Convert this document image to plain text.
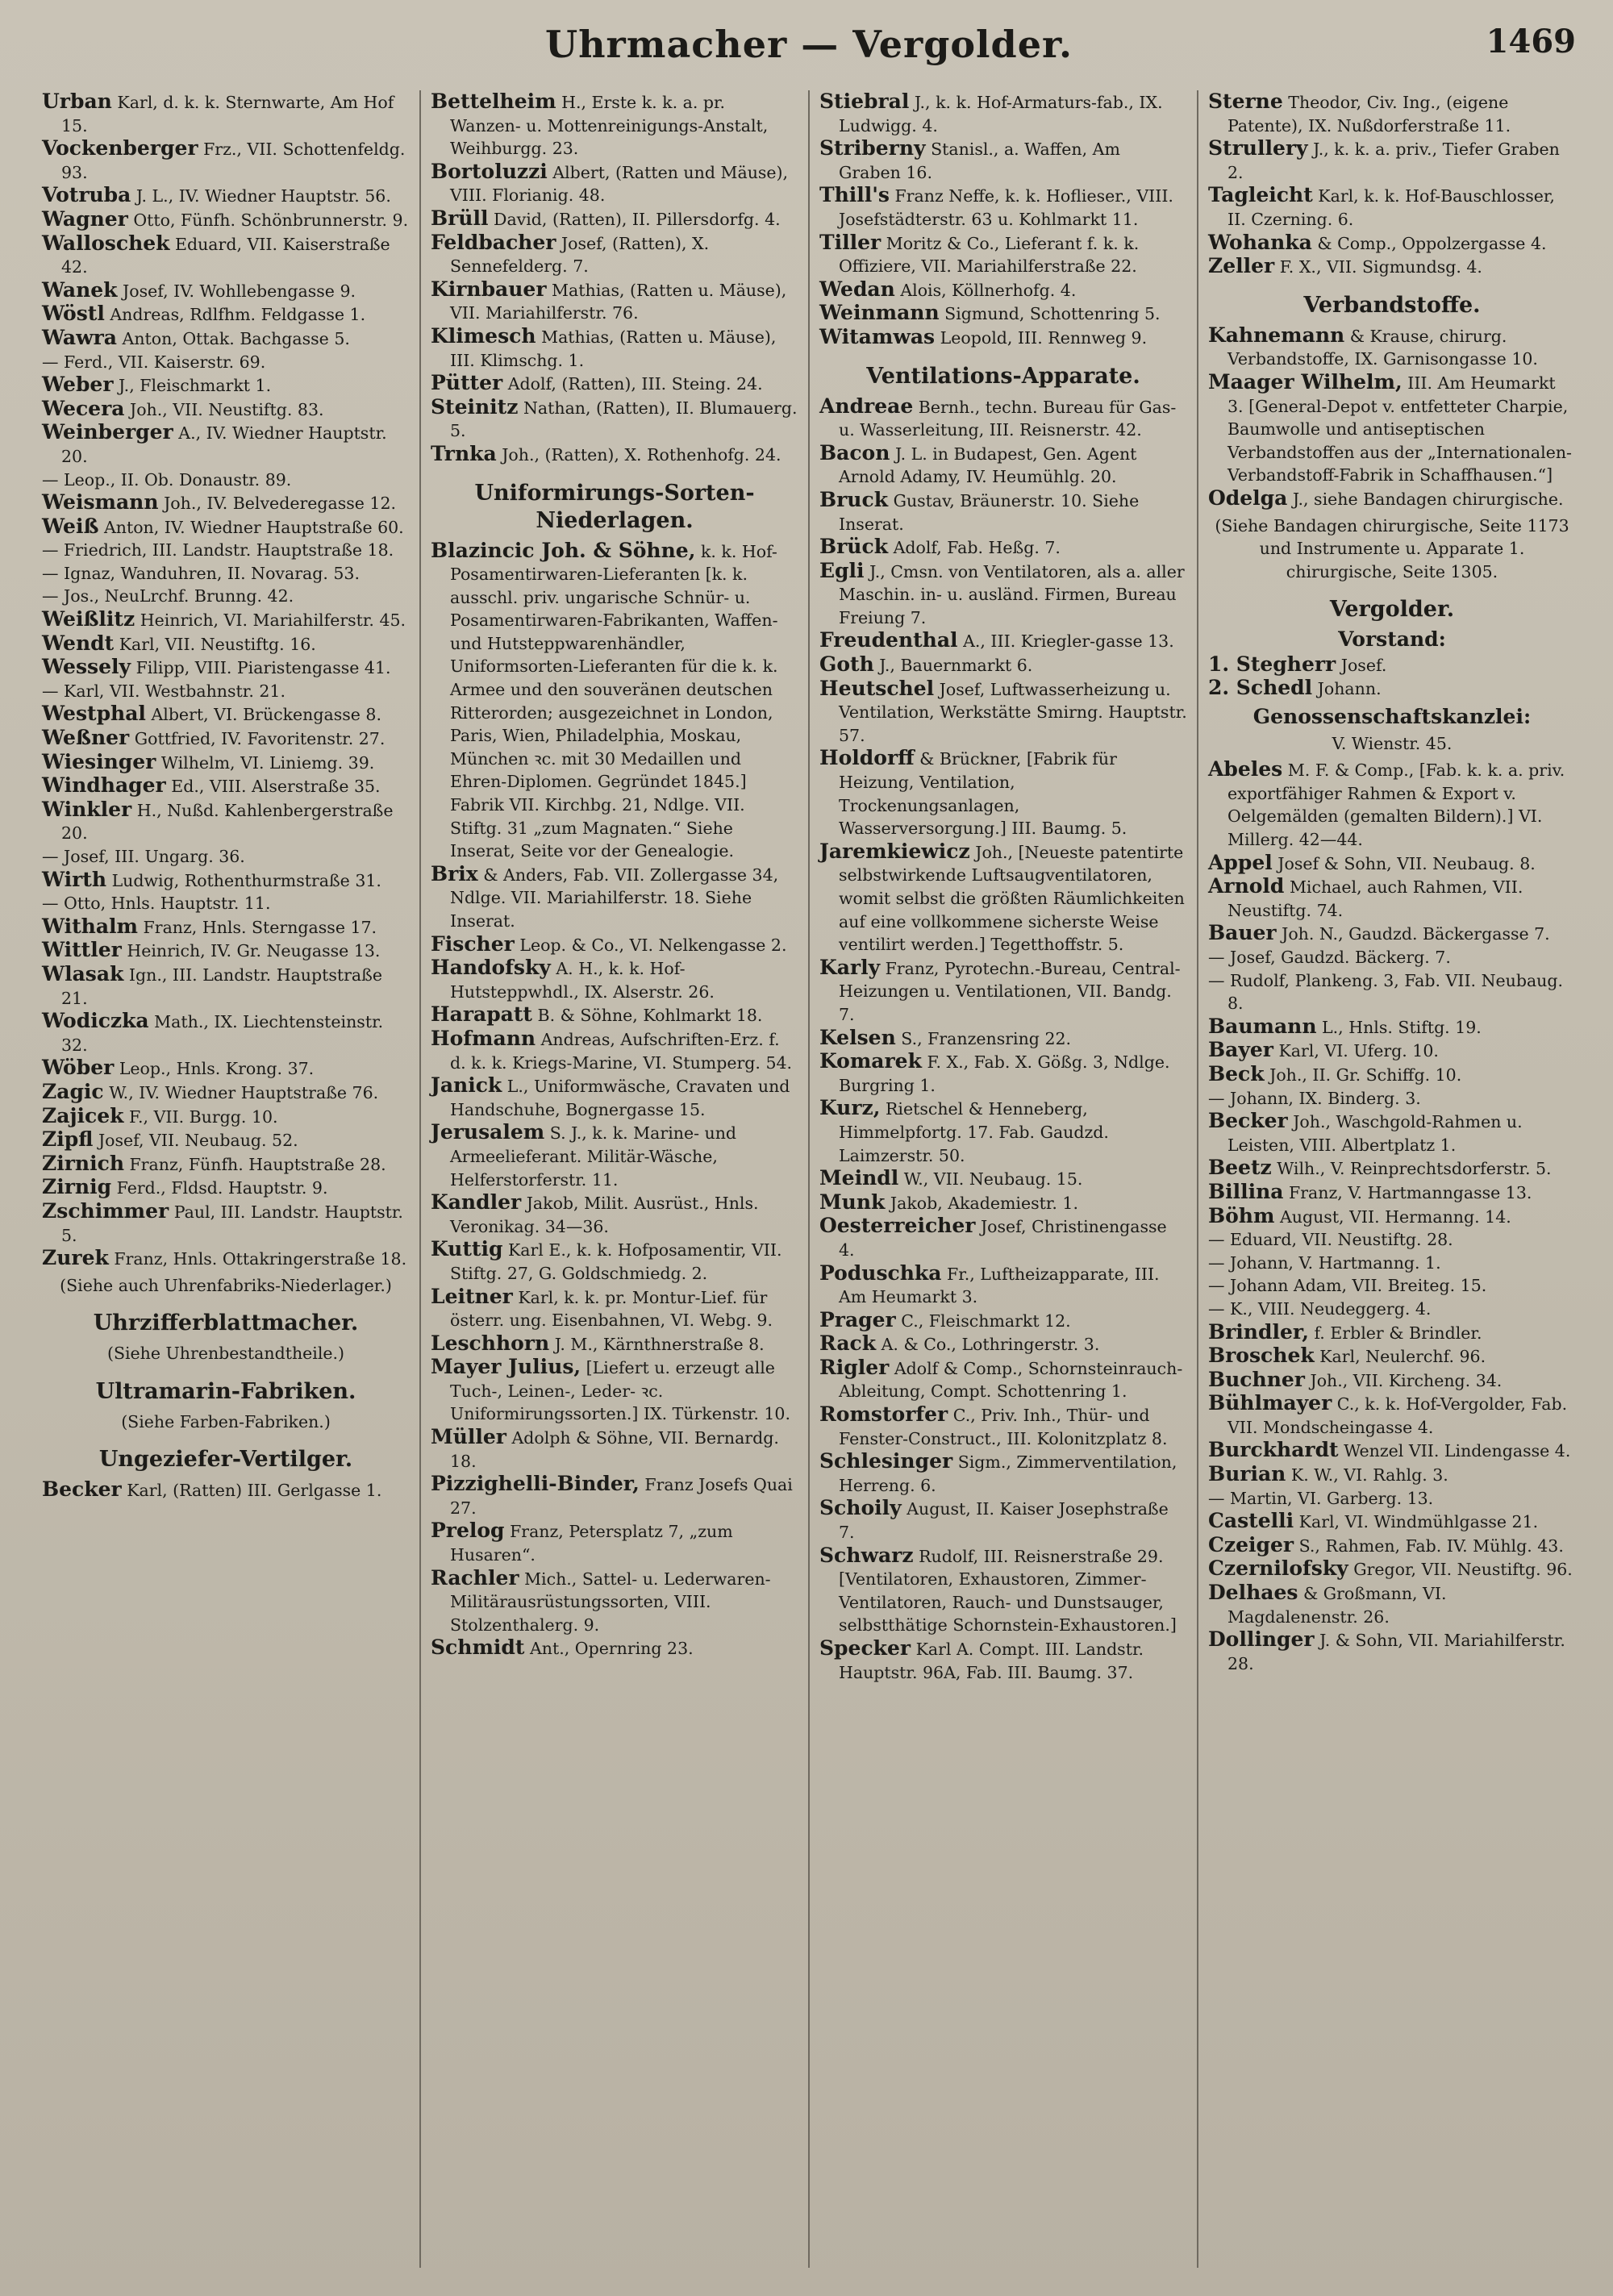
Uhrmacher — Vergolder.	1469

Urban Karl, d. k. k. Sternwarte, Am Hof 15.

Vockenberger Frz., VII. Schottenfeldg. 93.

Votruba J. L., IV. Wiedner Hauptstr. 56.

Wagner Otto, Fünfh. Schönbrunnerstr. 9.

Walloschek Eduard, VII. Kaiserstraße 42.

Wanek Josef, IV. Wohllebengasse 9.

Wöstl Andreas, Rdlfhm. Feldgasse 1.

Wawra Anton, Ottak. Bachgasse 5.

— Ferd., VII. Kaiserstr. 69.

Weber J., Fleischmarkt 1.

Wecera Joh., VII. Neustiftg. 83.

Weinberger A., IV. Wiedner Hauptstr. 20.

— Leop., II. Ob. Donaustr. 89.

Weismann Joh., IV. Belvederegasse 12.

Weiß Anton, IV. Wiedner Hauptstraße 60.

— Friedrich, III. Landstr. Hauptstraße 18.

— Ignaz, Wanduhren, II. Novarag. 53.

— Jos., NeuLrchf. Brunng. 42.

Weißlitz Heinrich, VI. Mariahilferstr. 45.

Wendt Karl, VII. Neustiftg. 16.

Wessely Filipp, VIII. Piaristengasse 41.

— Karl, VII. Westbahnstr. 21.

Westphal Albert, VI. Brückengasse 8.

Weßner Gottfried, IV. Favoritenstr. 27.

Wiesinger Wilhelm, VI. Liniemg. 39.

Windhager Ed., VIII. Alserstraße 35.

Winkler H., Nußd. Kahlenbergerstraße 20.

— Josef, III. Ungarg. 36.

Wirth Ludwig, Rothenthurmstraße 31.

— Otto, Hnls. Hauptstr. 11.

Withalm Franz, Hnls. Sterngasse 17.

Wittler Heinrich, IV. Gr. Neugasse 13.

Wlasak Ign., III. Landstr. Hauptstraße 21.

Wodiczka Math., IX. Liechtensteinstr. 32.

Wöber Leop., Hnls. Krong. 37.

Zagic W., IV. Wiedner Hauptstraße 76.

Zajicek F., VII. Burgg. 10.

Zipfl Josef, VII. Neubaug. 52.

Zirnich Franz, Fünfh. Hauptstraße 28.

Zirnig Ferd., Fldsd. Hauptstr. 9.

Zschimmer Paul, III. Landstr. Hauptstr. 5.

Zurek Franz, Hnls. Ottakringerstraße 18.

(Siehe auch Uhrenfabriks-Niederlager.)
Uhrzifferblattmacher.
(Siehe Uhrenbestandtheile.)
Ultramarin-Fabriken.
(Siehe Farben-Fabriken.)
Ungeziefer-Vertilger.

Becker Karl, (Ratten) III. Gerlgasse 1.

Bettelheim H., Erste k. k. a. pr. Wanzen- u. Mottenreinigungs-Anstalt, Weihburgg. 23.

Bortoluzzi Albert, (Ratten und Mäuse), VIII. Florianig. 48.

Brüll David, (Ratten), II. Pillersdorfg. 4.

Feldbacher Josef, (Ratten), X. Sennefelderg. 7.

Kirnbauer Mathias, (Ratten u. Mäuse), VII. Mariahilferstr. 76.

Klimesch Mathias, (Ratten u. Mäuse), III. Klimschg. 1.

Pütter Adolf, (Ratten), III. Steing. 24.

Steinitz Nathan, (Ratten), II. Blumauerg. 5.

Trnka Joh., (Ratten), X. Rothenhofg. 24.

Uniformirungs-Sorten-Niederlagen.

Blazincic Joh. & Söhne, k. k. Hof-Posamentirwaren-Lieferanten [k. k. ausschl. priv. ungarische Schnür- u. Posamentirwaren-Fabrikanten, Waffen- und Hutsteppwarenhändler, Uniformsorten-Lieferanten für die k. k. Armee und den souveränen deutschen Ritterorden; ausgezeichnet in London, Paris, Wien, Philadelphia, Moskau, München ꝛc. mit 30 Medaillen und Ehren-Diplomen. Gegründet 1845.] Fabrik VII. Kirchbg. 21, Ndlge. VII. Stiftg. 31 „zum Magnaten.“ Siehe Inserat, Seite vor der Genealogie.

Brix & Anders, Fab. VII. Zollergasse 34, Ndlge. VII. Mariahilferstr. 18. Siehe Inserat.

Fischer Leop. & Co., VI. Nelkengasse 2.

Handofsky A. H., k. k. Hof-Hutsteppwhdl., IX. Alserstr. 26.

Harapatt B. & Söhne, Kohlmarkt 18.

Hofmann Andreas, Aufschriften-Erz. f. d. k. k. Kriegs-Marine, VI. Stumperg. 54.

Janick L., Uniformwäsche, Cravaten und Handschuhe, Bognergasse 15.

Jerusalem S. J., k. k. Marine- und Armeelieferant. Militär-Wäsche, Helferstorferstr. 11.

Kandler Jakob, Milit. Ausrüst., Hnls. Veronikag. 34—36.

Kuttig Karl E., k. k. Hofposamentir, VII. Stiftg. 27, G. Goldschmiedg. 2.

Leitner Karl, k. k. pr. Montur-Lief. für österr. ung. Eisenbahnen, VI. Webg. 9.

Leschhorn J. M., Kärnthnerstraße 8.

Mayer Julius, [Liefert u. erzeugt alle Tuch-, Leinen-, Leder- ꝛc. Uniformirungssorten.] IX. Türkenstr. 10.

Müller Adolph & Söhne, VII. Bernardg. 18.

Pizzighelli-Binder, Franz Josefs Quai 27.

Prelog Franz, Petersplatz 7, „zum Husaren“.

Rachler Mich., Sattel- u. Lederwaren-Militärausrüstungssorten, VIII. Stolzenthalerg. 9.

Schmidt Ant., Opernring 23.

Stiebral J., k. k. Hof-Armaturs-fab., IX. Ludwigg. 4.

Striberny Stanisl., a. Waffen, Am Graben 16.

Thill's Franz Neffe, k. k. Hoflieser., VIII. Josefstädterstr. 63 u. Kohlmarkt 11.

Tiller Moritz & Co., Lieferant f. k. k. Offiziere, VII. Mariahilferstraße 22.

Wedan Alois, Köllnerhofg. 4.

Weinmann Sigmund, Schottenring 5.

Witamwas Leopold, III. Rennweg 9.

Ventilations-Apparate.

Andreae Bernh., techn. Bureau für Gas- u. Wasserleitung, III. Reisnerstr. 42.

Bacon J. L. in Budapest, Gen. Agent Arnold Adamy, IV. Heumühlg. 20.

Bruck Gustav, Bräunerstr. 10. Siehe Inserat.

Brück Adolf, Fab. Heßg. 7.

Egli J., Cmsn. von Ventilatoren, als a. aller Maschin. in- u. ausländ. Firmen, Bureau Freiung 7.

Freudenthal A., III. Kriegler-gasse 13.

Goth J., Bauernmarkt 6.

Heutschel Josef, Luftwasserheizung u. Ventilation, Werkstätte Smirng. Hauptstr. 57.

Holdorff & Brückner, [Fabrik für Heizung, Ventilation, Trockenungsanlagen, Wasserversorgung.] III. Baumg. 5.

Jaremkiewicz Joh., [Neueste patentirte selbstwirkende Luftsaugventilatoren, womit selbst die größten Räumlichkeiten auf eine vollkommene sicherste Weise ventilirt werden.] Tegetthoffstr. 5.

Karly Franz, Pyrotechn.-Bureau, Central-Heizungen u. Ventilationen, VII. Bandg. 7.

Kelsen S., Franzensring 22.

Komarek F. X., Fab. X. Gößg. 3, Ndlge. Burgring 1.

Kurz, Rietschel & Henneberg, Himmelpfortg. 17. Fab. Gaudzd. Laimzerstr. 50.

Meindl W., VII. Neubaug. 15.

Munk Jakob, Akademiestr. 1.

Oesterreicher Josef, Christinengasse 4.

Poduschka Fr., Luftheizapparate, III. Am Heumarkt 3.

Prager C., Fleischmarkt 12.

Rack A. & Co., Lothringerstr. 3.

Rigler Adolf & Comp., Schornsteinrauch-Ableitung, Compt. Schottenring 1.

Romstorfer C., Priv. Inh., Thür- und Fenster-Construct., III. Kolonitzplatz 8.

Schlesinger Sigm., Zimmerventilation, Herreng. 6.

Schoily August, II. Kaiser Josephstraße 7.

Schwarz Rudolf, III. Reisnerstraße 29. [Ventilatoren, Exhaustoren, Zimmer-Ventilatoren, Rauch- und Dunstsauger, selbstthätige Schornstein-Exhaustoren.]

Specker Karl A. Compt. III. Landstr. Hauptstr. 96A, Fab. III. Baumg. 37.

Sterne Theodor, Civ. Ing., (eigene Patente), IX. Nußdorferstraße 11.

Strullery J., k. k. a. priv., Tiefer Graben 2.

Tagleicht Karl, k. k. Hof-Bauschlosser, II. Czerning. 6.

Wohanka & Comp., Oppolzergasse 4.

Zeller F. X., VII. Sigmundsg. 4.

Verbandstoffe.

Kahnemann & Krause, chirurg. Verbandstoffe, IX. Garnisongasse 10.

Maager Wilhelm, III. Am Heumarkt 3. [General-Depot v. entfetteter Charpie, Baumwolle und antiseptischen Verbandstoffen aus der „Internationalen-Verbandstoff-Fabrik in Schaffhausen.“]

Odelga J., siehe Bandagen chirurgische.

(Siehe Bandagen chirurgische, Seite 1173 und Instrumente u. Apparate 1. chirurgische, Seite 1305.
Vergolder.
Vorstand:

1. Stegherr Josef.

2. Schedl Johann.

Genossenschaftskanzlei:
V. Wienstr. 45.

Abeles M. F. & Comp., [Fab. k. k. a. priv. exportfähiger Rahmen & Export v. Oelgemälden (gemalten Bildern).] VI. Millerg. 42—44.

Appel Josef & Sohn, VII. Neubaug. 8.

Arnold Michael, auch Rahmen, VII. Neustiftg. 74.

Bauer Joh. N., Gaudzd. Bäckergasse 7.

— Josef, Gaudzd. Bäckerg. 7.

— Rudolf, Plankeng. 3, Fab. VII. Neubaug. 8.

Baumann L., Hnls. Stiftg. 19.

Bayer Karl, VI. Uferg. 10.

Beck Joh., II. Gr. Schiffg. 10.

— Johann, IX. Binderg. 3.

Becker Joh., Waschgold-Rahmen u. Leisten, VIII. Albertplatz 1.

Beetz Wilh., V. Reinprechtsdorferstr. 5.

Billina Franz, V. Hartmanngasse 13.

Böhm August, VII. Hermanng. 14.

— Eduard, VII. Neustiftg. 28.

— Johann, V. Hartmanng. 1.

— Johann Adam, VII. Breiteg. 15.

— K., VIII. Neudeggerg. 4.

Brindler, f. Erbler & Brindler.

Broschek Karl, Neulerchf. 96.

Buchner Joh., VII. Kircheng. 34.

Bühlmayer C., k. k. Hof-Vergolder, Fab. VII. Mondscheingasse 4.

Burckhardt Wenzel VII. Lindengasse 4.

Burian K. W., VI. Rahlg. 3.

— Martin, VI. Garberg. 13.

Castelli Karl, VI. Windmühlgasse 21.

Czeiger S., Rahmen, Fab. IV. Mühlg. 43.

Czernilofsky Gregor, VII. Neustiftg. 96.

Delhaes & Großmann, VI. Magdalenenstr. 26.

Dollinger J. & Sohn, VII. Mariahilferstr. 28.
